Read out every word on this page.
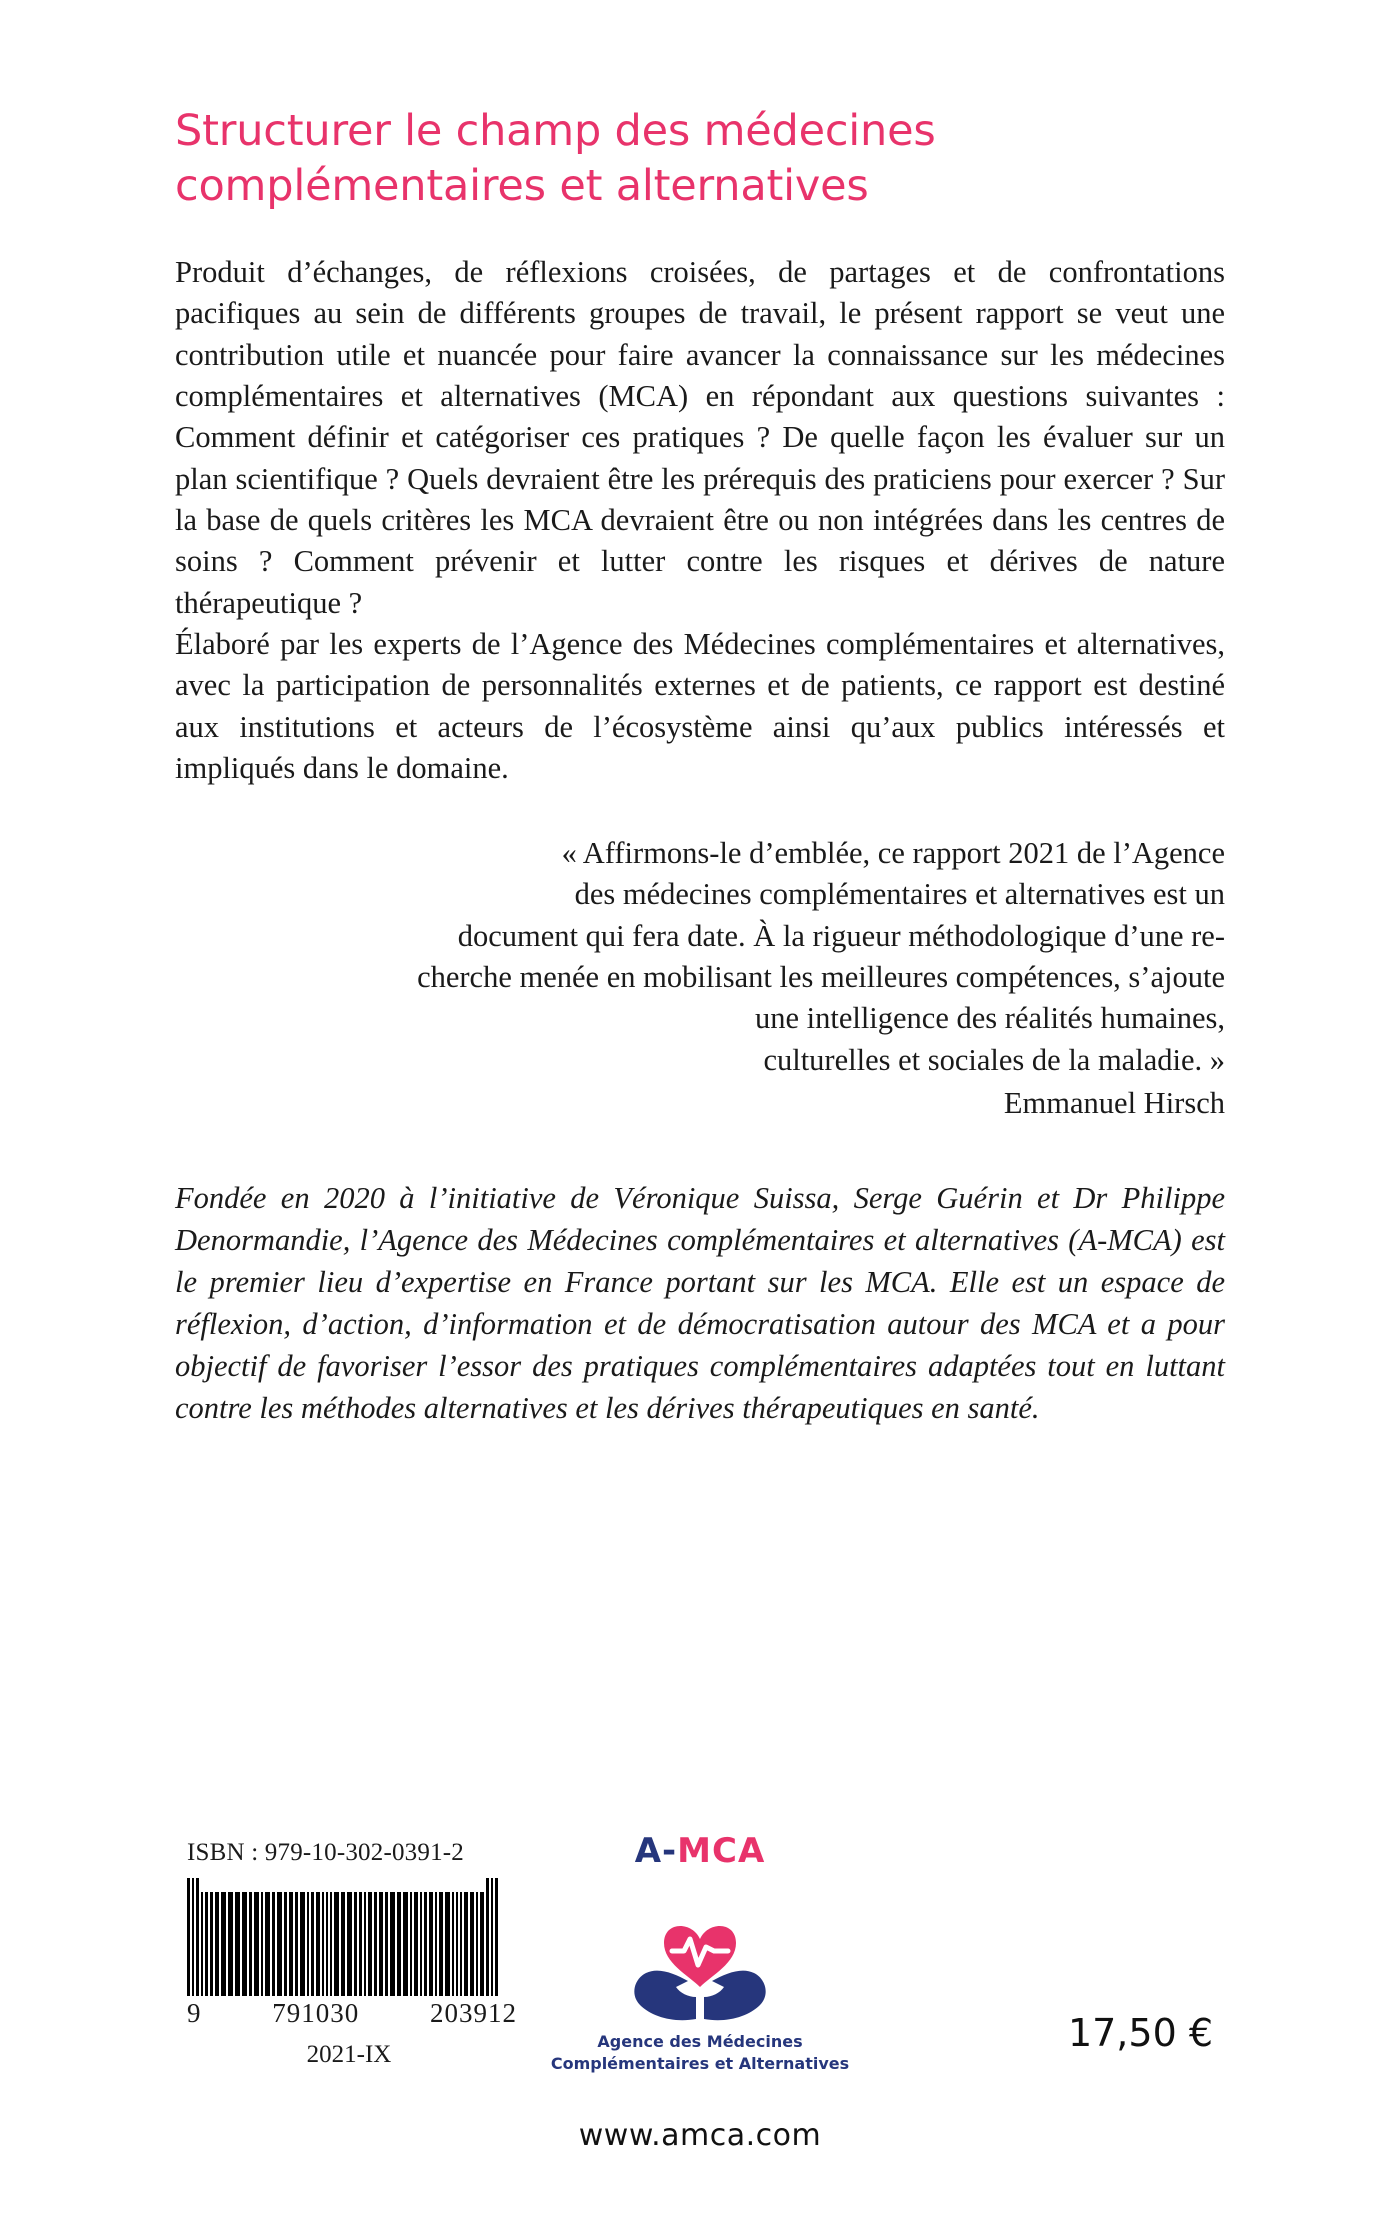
Structurer le champ des médecines
complémentaires et alternatives

Produit d’échanges, de réflexions croisées, de partages et de confrontations pacifiques au sein de différents groupes de travail, le présent rapport se veut une contribution utile et nuancée pour faire avancer la connaissance sur les médecines complémentaires et alternatives (MCA) en répondant aux questions suivantes : Comment définir et catégoriser ces pratiques ? De quelle façon les évaluer sur un plan scientifique ? Quels devraient être les prérequis des praticiens pour exercer ? Sur la base de quels critères les MCA devraient être ou non intégrées dans les centres de soins ? Comment prévenir et lutter contre les risques et dérives de nature thérapeutique ?

Élaboré par les experts de l’Agence des Médecines complémentaires et alternatives, avec la participation de personnalités externes et de patients, ce rapport est destiné aux institutions et acteurs de l’écosystème ainsi qu’aux publics intéressés et impliqués dans le domaine.

« Affirmons-le d’emblée, ce rapport 2021 de l’Agence
des médecines complémentaires et alternatives est un
document qui fera date. À la rigueur méthodologique d’une re-
cherche menée en mobilisant les meilleures compétences, s’ajoute
une intelligence des réalités humaines,
culturelles et sociales de la maladie. »
Emmanuel Hirsch

Fondée en 2020 à l’initiative de Véronique Suissa, Serge Guérin et Dr Philippe Denormandie, l’Agence des Médecines complémentaires et alternatives (A-MCA) est le premier lieu d’expertise en France portant sur les MCA. Elle est un espace de réflexion, d’action, d’information et de démocratisation autour des MCA et a pour objectif de favoriser l’essor des pratiques complémentaires adaptées tout en luttant contre les méthodes alternatives et les dérives thérapeutiques en santé.

ISBN : 979-10-302-0391-2
9	791030	203912
2021-IX
A-MCA
Agence des Médecines
Complémentaires et Alternatives
www.amca.com
17,50 €
